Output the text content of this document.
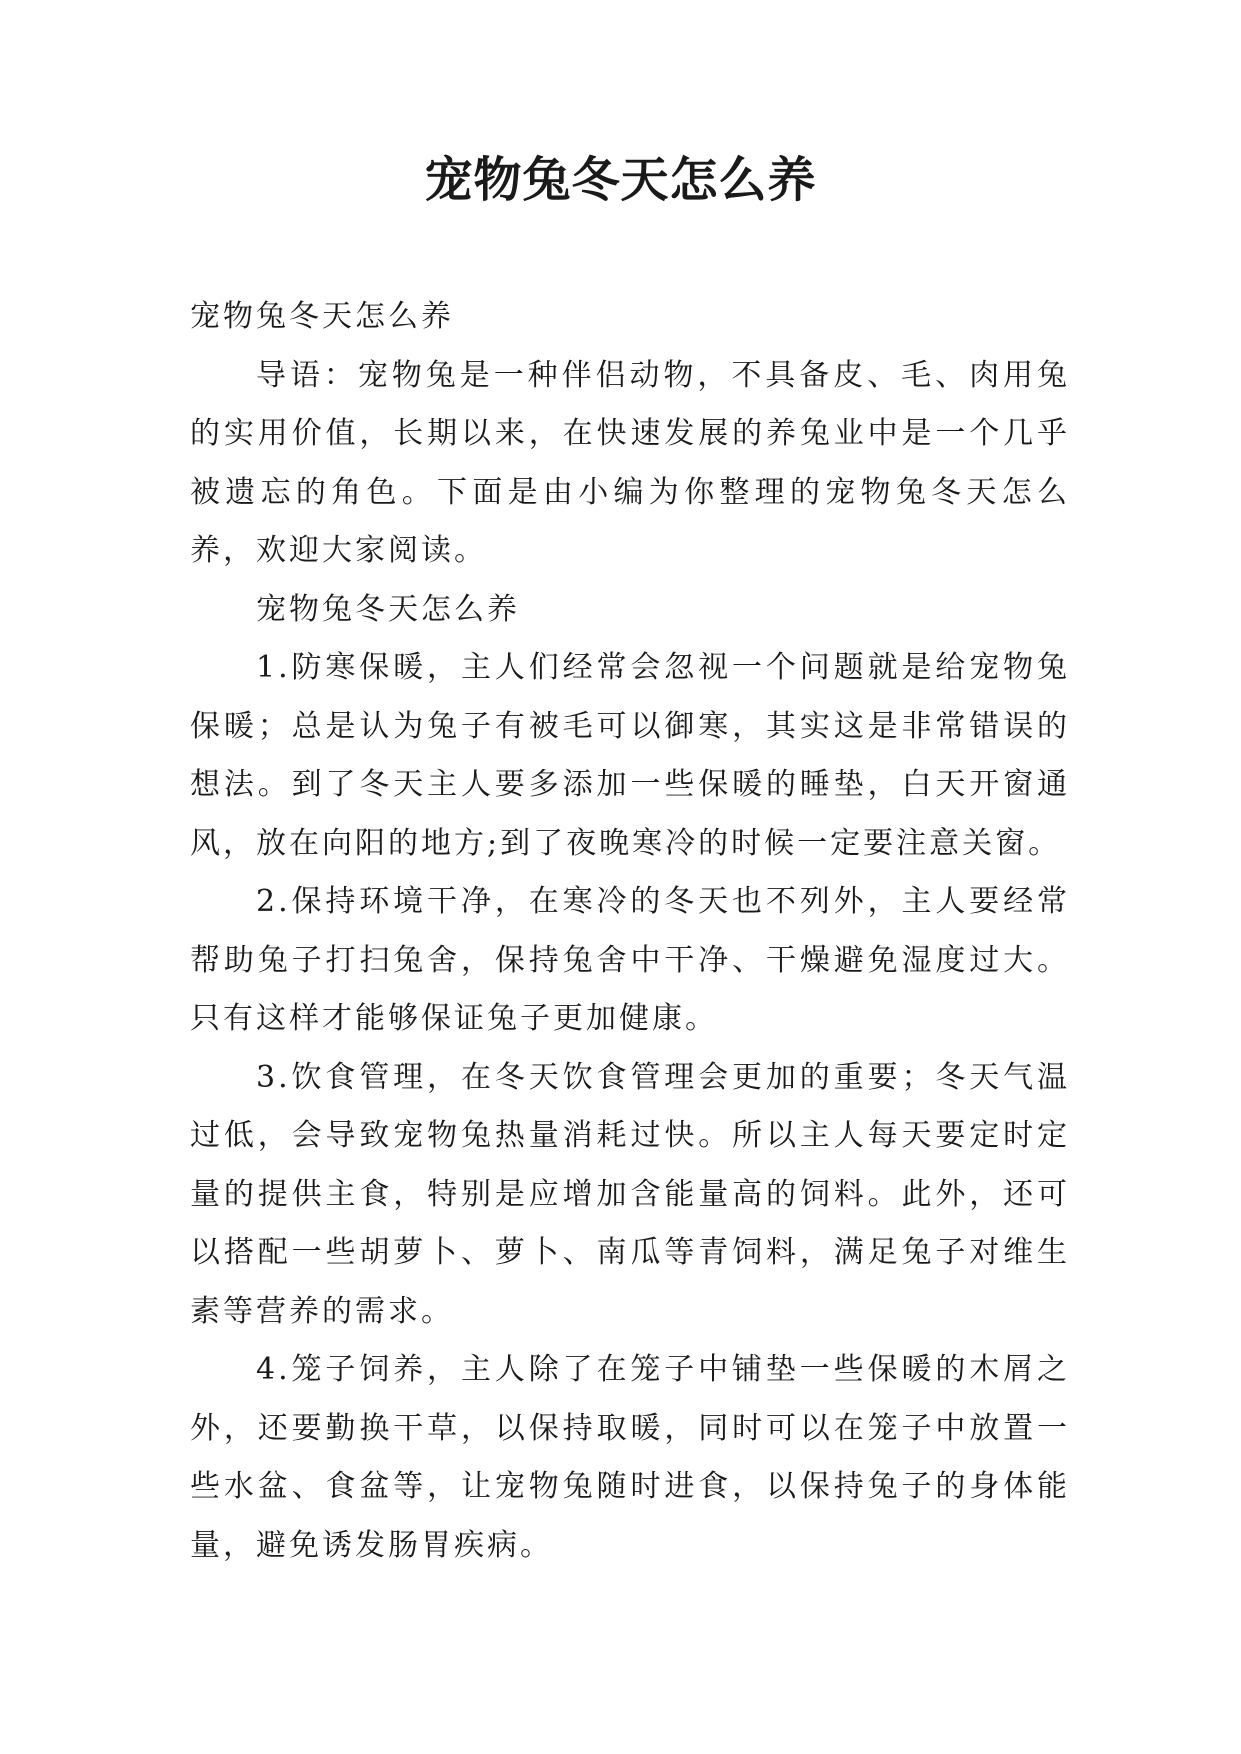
宠物兔冬天怎么养

宠物兔冬天怎么养

导语：宠物兔是一种伴侣动物，不具备皮、毛、肉用兔的实用价值，长期以来，在快速发展的养兔业中是一个几乎被遗忘的角色。下面是由小编为你整理的宠物兔冬天怎么养，欢迎大家阅读。

宠物兔冬天怎么养

1.防寒保暖，主人们经常会忽视一个问题就是给宠物兔保暖；总是认为兔子有被毛可以御寒，其实这是非常错误的想法。到了冬天主人要多添加一些保暖的睡垫，白天开窗通风，放在向阳的地方;到了夜晚寒冷的时候一定要注意关窗。

2.保持环境干净，在寒冷的冬天也不列外，主人要经常帮助兔子打扫兔舍，保持兔舍中干净、干燥避免湿度过大。只有这样才能够保证兔子更加健康。

3.饮食管理，在冬天饮食管理会更加的重要；冬天气温过低，会导致宠物兔热量消耗过快。所以主人每天要定时定量的提供主食，特别是应增加含能量高的饲料。此外，还可以搭配一些胡萝卜、萝卜、南瓜等青饲料，满足兔子对维生素等营养的需求。

4.笼子饲养，主人除了在笼子中铺垫一些保暖的木屑之外，还要勤换干草，以保持取暖，同时可以在笼子中放置一些水盆、食盆等，让宠物兔随时进食，以保持兔子的身体能量，避免诱发肠胃疾病。
